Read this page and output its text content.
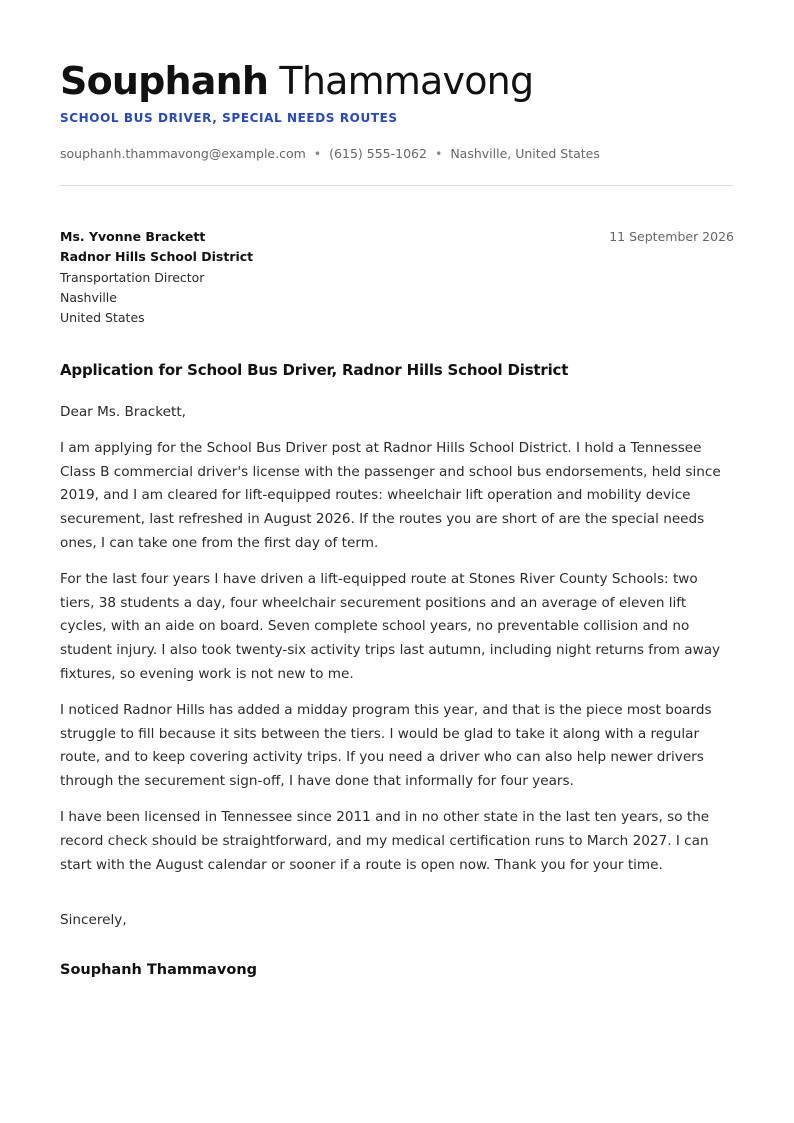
Souphanh Thammavong
SCHOOL BUS DRIVER, SPECIAL NEEDS ROUTES
souphanh.thammavong@example.com • (615) 555-1062 • Nashville, United States
Ms. Yvonne Brackett
Radnor Hills School District
Transportation Director
Nashville
United States
11 September 2026
Application for School Bus Driver, Radnor Hills School District

Dear Ms. Brackett,

I am applying for the School Bus Driver post at Radnor Hills School District. I hold a Tennessee Class B commercial driver's license with the passenger and school bus endorsements, held since 2019, and I am cleared for lift-equipped routes: wheelchair lift operation and mobility device securement, last refreshed in August 2026. If the routes you are short of are the special needs ones, I can take one from the first day of term.

For the last four years I have driven a lift-equipped route at Stones River County Schools: two tiers, 38 students a day, four wheelchair securement positions and an average of eleven lift cycles, with an aide on board. Seven complete school years, no preventable collision and no student injury. I also took twenty-six activity trips last autumn, including night returns from away fixtures, so evening work is not new to me.

I noticed Radnor Hills has added a midday program this year, and that is the piece most boards struggle to fill because it sits between the tiers. I would be glad to take it along with a regular route, and to keep covering activity trips. If you need a driver who can also help newer drivers through the securement sign-off, I have done that informally for four years.

I have been licensed in Tennessee since 2011 and in no other state in the last ten years, so the record check should be straightforward, and my medical certification runs to March 2027. I can start with the August calendar or sooner if a route is open now. Thank you for your time.

Sincerely,
Souphanh Thammavong
